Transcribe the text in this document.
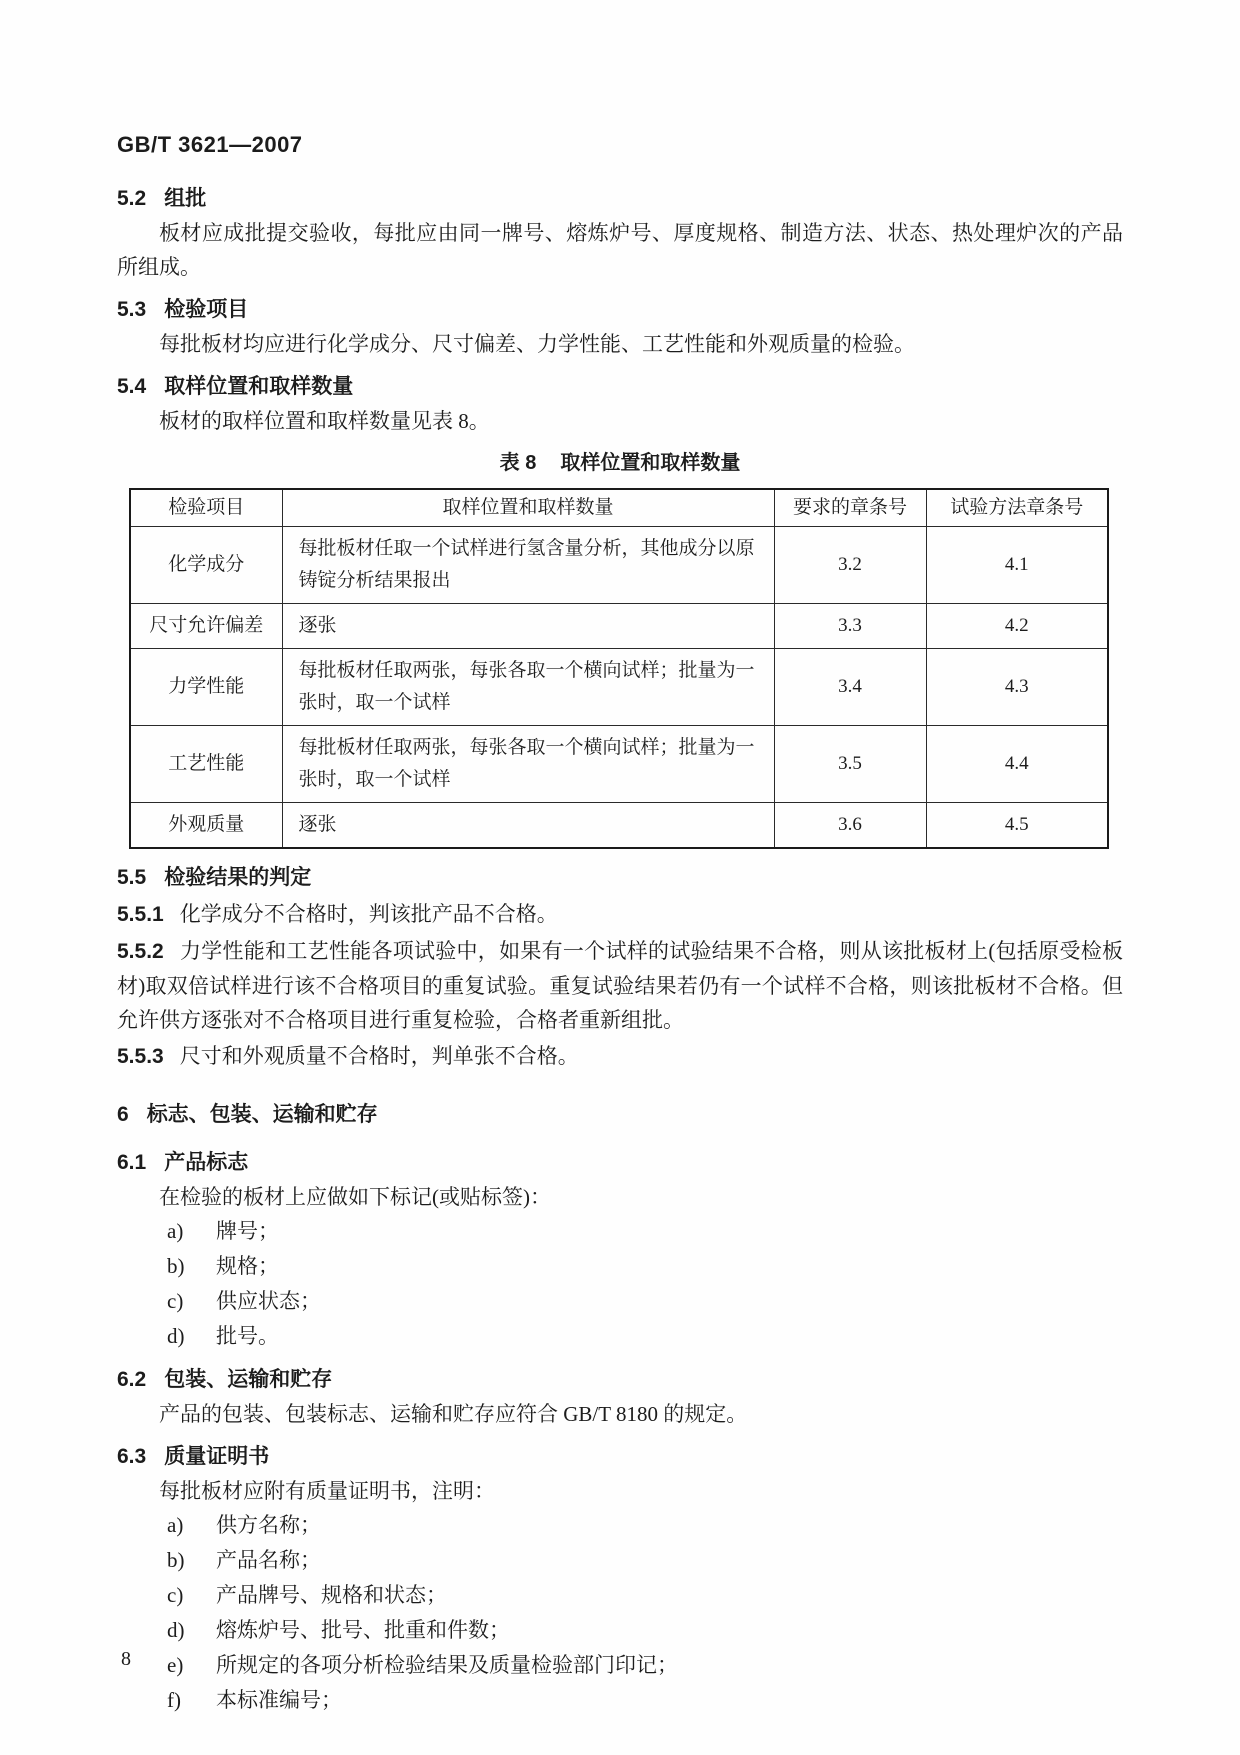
GB/T 3621—2007
5.2 组批

板材应成批提交验收，每批应由同一牌号、熔炼炉号、厚度规格、制造方法、状态、热处理炉次的产品所组成。

5.3 检验项目

每批板材均应进行化学成分、尺寸偏差、力学性能、工艺性能和外观质量的检验。

5.4 取样位置和取样数量

板材的取样位置和取样数量见表 8。

表 8 取样位置和取样数量
检验项目	取样位置和取样数量	要求的章条号	试验方法章条号
化学成分	每批板材任取一个试样进行氢含量分析，其他成分以原铸锭分析结果报出	3.2	4.1
尺寸允许偏差	逐张	3.3	4.2
力学性能	每批板材任取两张，每张各取一个横向试样；批量为一张时，取一个试样	3.4	4.3
工艺性能	每批板材任取两张，每张各取一个横向试样；批量为一张时，取一个试样	3.5	4.4
外观质量	逐张	3.6	4.5
5.5 检验结果的判定

5.5.1 化学成分不合格时，判该批产品不合格。

5.5.2 力学性能和工艺性能各项试验中，如果有一个试样的试验结果不合格，则从该批板材上(包括原受检板材)取双倍试样进行该不合格项目的重复试验。重复试验结果若仍有一个试样不合格，则该批板材不合格。但允许供方逐张对不合格项目进行重复检验，合格者重新组批。

5.5.3 尺寸和外观质量不合格时，判单张不合格。

6 标志、包装、运输和贮存
6.1 产品标志

在检验的板材上应做如下标记(或贴标签)：

a) 牌号；
b) 规格；
c) 供应状态；
d) 批号。
6.2 包装、运输和贮存

产品的包装、包装标志、运输和贮存应符合 GB/T 8180 的规定。

6.3 质量证明书

每批板材应附有质量证明书，注明：

a) 供方名称；
b) 产品名称；
c) 产品牌号、规格和状态；
d) 熔炼炉号、批号、批重和件数；
e) 所规定的各项分析检验结果及质量检验部门印记；
f) 本标准编号；
8
